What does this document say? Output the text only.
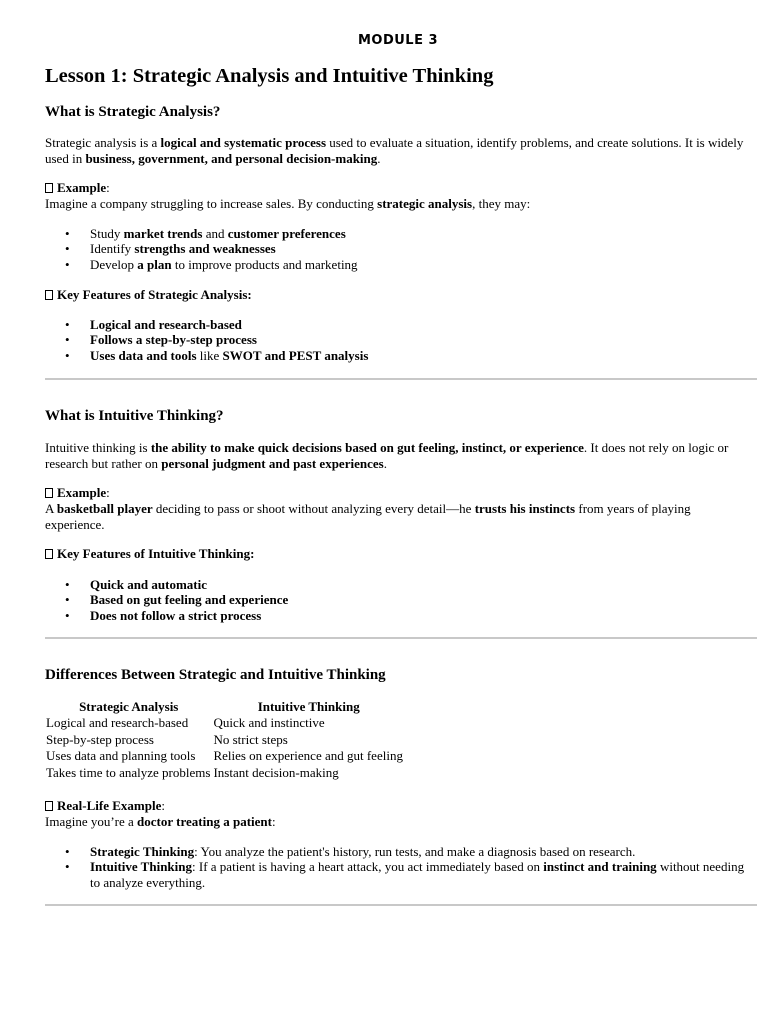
MODULE 3
Lesson 1: Strategic Analysis and Intuitive Thinking
What is Strategic Analysis?

Strategic analysis is a logical and systematic process used to evaluate a situation, identify problems, and create solutions. It is widely used in business, government, and personal decision-making.

Example:

Imagine a company struggling to increase sales. By conducting strategic analysis, they may:

• Study market trends and customer preferences
• Identify strengths and weaknesses
• Develop a plan to improve products and marketing

Key Features of Strategic Analysis:

• Logical and research-based
• Follows a step-by-step process
• Uses data and tools like SWOT and PEST analysis
What is Intuitive Thinking?

Intuitive thinking is the ability to make quick decisions based on gut feeling, instinct, or experience. It does not rely on logic or research but rather on personal judgment and past experiences.

Example:

A basketball player deciding to pass or shoot without analyzing every detail—he trusts his instincts from years of playing experience.

Key Features of Intuitive Thinking:

• Quick and automatic
• Based on gut feeling and experience
• Does not follow a strict process
Differences Between Strategic and Intuitive Thinking
Strategic Analysis	Intuitive Thinking
Logical and research-based	Quick and instinctive
Step-by-step process	No strict steps
Uses data and planning tools	Relies on experience and gut feeling
Takes time to analyze problems	Instant decision-making

Real-Life Example:

Imagine you’re a doctor treating a patient:

• Strategic Thinking: You analyze the patient's history, run tests, and make a diagnosis based on research.
• Intuitive Thinking: If a patient is having a heart attack, you act immediately based on instinct and training without needing to analyze everything.
